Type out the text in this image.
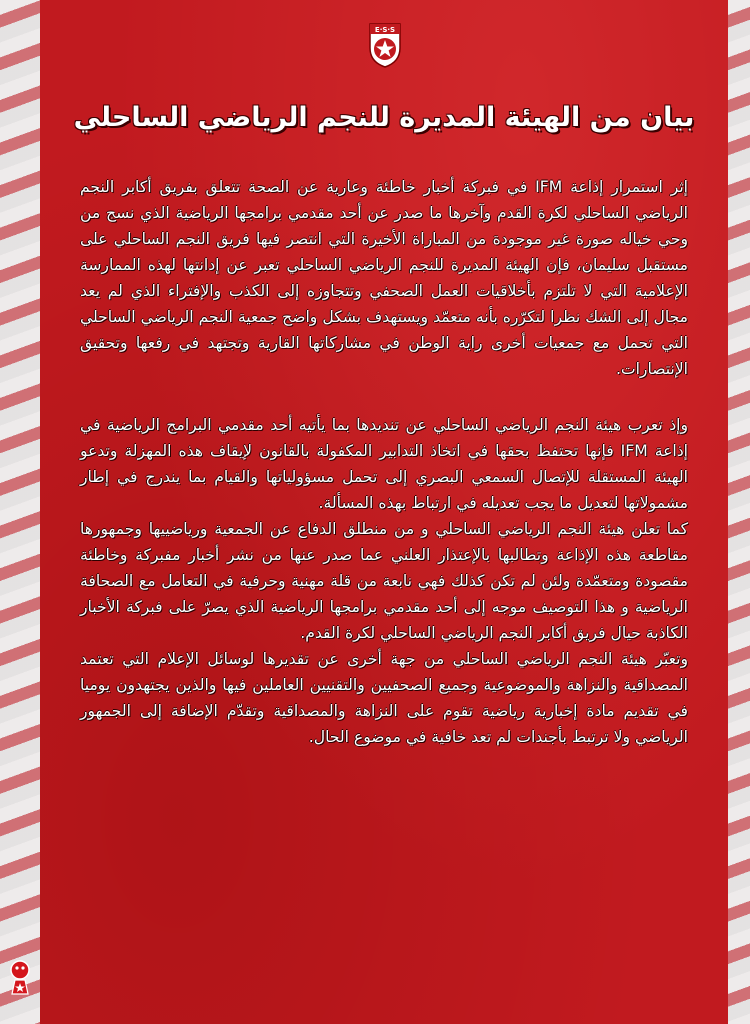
E·S·S
بيان من الهيئة المديرة للنجم الرياضي الساحلي

إثر استمرار إذاعة IFM في فبركة أخبار خاطئة وعارية عن الصحة تتعلق بفريق أكابر النجم الرياضي الساحلي لكرة القدم وآخرها ما صدر عن أحد مقدمي برامجها الرياضية الذي نسج من وحي خياله صورة غير موجودة من المباراة الأخيرة التي انتصر فيها فريق النجم الساحلي على مستقبل سليمان، فإن الهيئة المديرة للنجم الرياضي الساحلي تعبر عن إدانتها لهذه الممارسة الإعلامية التي لا تلتزم بأخلاقيات العمل الصحفي وتتجاوزه إلى الكذب والإفتراء الذي لم يعد مجال إلى الشك نظرا لتكرّره بأنه متعمّد ويستهدف بشكل واضح جمعية النجم الرياضي الساحلي التي تحمل مع جمعيات أخرى راية الوطن في مشاركاتها القارية وتجتهد في رفعها وتحقيق الإنتصارات.

وإذ تعرب هيئة النجم الرياضي الساحلي عن تنديدها بما يأتيه أحد مقدمي البرامج الرياضية في إذاعة IFM فإنها تحتفظ بحقها في اتخاذ التدابير المكفولة بالقانون لإيقاف هذه المهزلة وتدعو الهيئة المستقلة للإتصال السمعي البصري إلى تحمل مسؤولياتها والقيام بما يندرج في إطار مشمولاتها لتعديل ما يجب تعديله في ارتباط بهذه المسألة.

كما تعلن هيئة النجم الرياضي الساحلي و من منطلق الدفاع عن الجمعية ورياضييها وجمهورها مقاطعة هذه الإذاعة وتطالبها بالإعتذار العلني عما صدر عنها من نشر أخبار مفبركة وخاطئة مقصودة ومتعمّدة ولئن لم تكن كذلك فهي نابعة من قلة مهنية وحرفية في التعامل مع الصحافة الرياضية و هذا التوصيف موجه إلى أحد مقدمي برامجها الرياضية الذي يصرّ على فبركة الأخبار الكاذبة حيال فريق أكابر النجم الرياضي الساحلي لكرة القدم.

وتعبّر هيئة النجم الرياضي الساحلي من جهة أخرى عن تقديرها لوسائل الإعلام التي تعتمد المصداقية والنزاهة والموضوعية وجميع الصحفيين والتقنيين العاملين فيها والذين يجتهدون يوميا في تقديم مادة إخبارية رياضية تقوم على النزاهة والمصداقية وتقدّم الإضافة إلى الجمهور الرياضي ولا ترتبط بأجندات لم تعد خافية في موضوع الحال.
